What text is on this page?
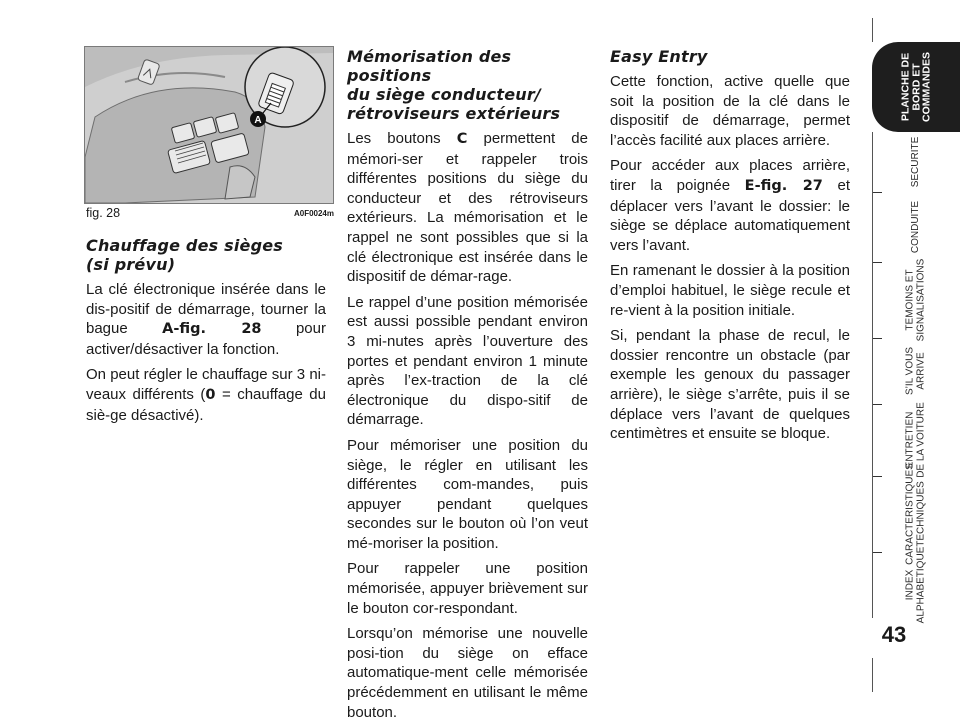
A
fig. 28	A0F0024m
Chauffage des sièges
(si prévu)

La clé électronique insérée dans le dis-positif de démarrage, tourner la bague A-fig. 28 pour activer/désactiver la fonction.

On peut régler le chauffage sur 3 ni-veaux différents (0 = chauffage du siè-ge désactivé).

Mémorisation des positions
du siège conducteur/
rétroviseurs extérieurs

Les boutons C permettent de mémori-ser et rappeler trois différentes positions du siège du conducteur et des rétroviseurs extérieurs. La mémorisation et le rappel ne sont possibles que si la clé électronique est insérée dans le dispositif de démar-rage.

Le rappel d’une position mémorisée est aussi possible pendant environ 3 mi-nutes après l’ouverture des portes et pendant environ 1 minute après l’ex-traction de la clé électronique du dispo-sitif de démarrage.

Pour mémoriser une position du siège, le régler en utilisant les différentes com-mandes, puis appuyer pendant quelques secondes sur le bouton où l’on veut mé-moriser la position.

Pour rappeler une position mémorisée, appuyer brièvement sur le bouton cor-respondant.

Lorsqu’on mémorise une nouvelle posi-tion du siège on efface automatique-ment celle mémorisée précédemment en utilisant le même bouton.

Easy Entry

Cette fonction, active quelle que soit la position de la clé dans le dispositif de démarrage, permet l’accès facilité aux places arrière.

Pour accéder aux places arrière, tirer la poignée E-fig. 27 et déplacer vers l’avant le dossier: le siège se déplace automatiquement vers l’avant.

En ramenant le dossier à la position d’emploi habituel, le siège recule et re-vient à la position initiale.

Si, pendant la phase de recul, le dossier rencontre un obstacle (par exemple les genoux du passager arrière), le siège s’arrête, puis il se déplace vers l’avant de quelques centimètres et ensuite se bloque.

PLANCHE DE
BORD ET
COMMANDES
SECURITE
CONDUITE
TEMOINS ET
SIGNALISATIONS
S’IL VOUS
ARRIVE
ENTRETIEN
DE LA VOITURE
CARACTERISTIQUES
TECHNIQUES
INDEX
ALPHABETIQUE
43
